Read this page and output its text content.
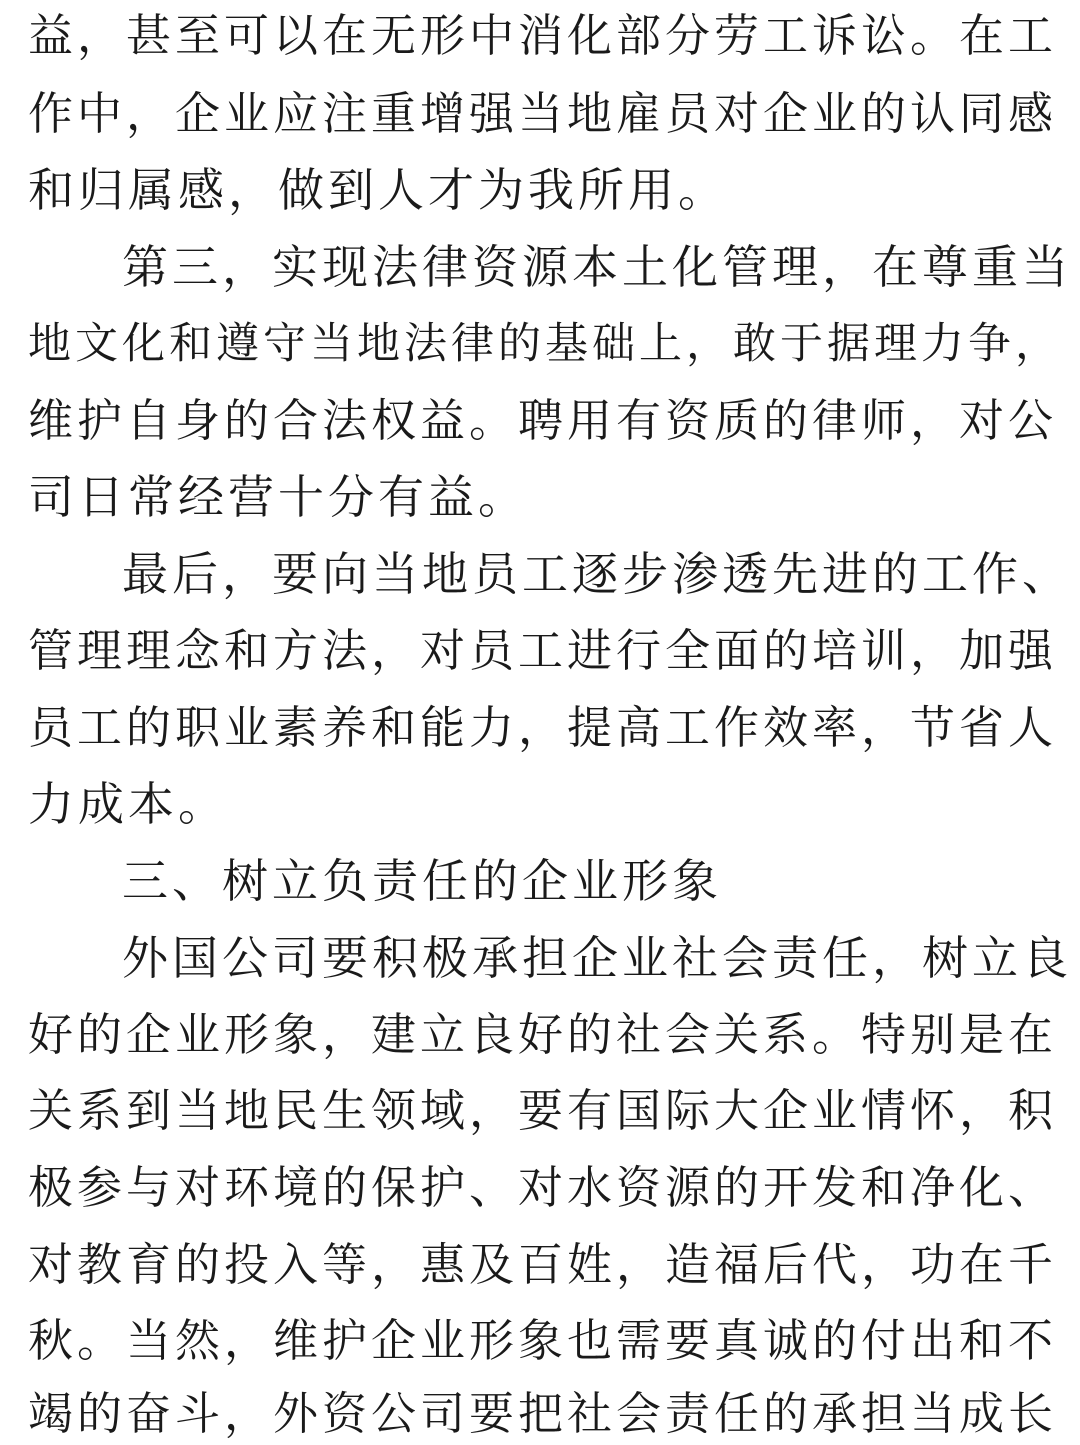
益，甚至可以在无形中消化部分劳工诉讼。在工
作中，企业应注重增强当地雇员对企业的认同感
和归属感，做到人才为我所用。
第三，实现法律资源本土化管理，在尊重当
地文化和遵守当地法律的基础上，敢于据理力争，
维护自身的合法权益。聘用有资质的律师，对公
司日常经营十分有益。
最后，要向当地员工逐步渗透先进的工作、
管理理念和方法，对员工进行全面的培训，加强
员工的职业素养和能力，提高工作效率，节省人
力成本。
三、树立负责任的企业形象
外国公司要积极承担企业社会责任，树立良
好的企业形象，建立良好的社会关系。特别是在
关系到当地民生领域，要有国际大企业情怀，积
极参与对环境的保护、对水资源的开发和净化、
对教育的投入等，惠及百姓，造福后代，功在千
秋。当然，维护企业形象也需要真诚的付出和不
竭的奋斗，外资公司要把社会责任的承担当成长
